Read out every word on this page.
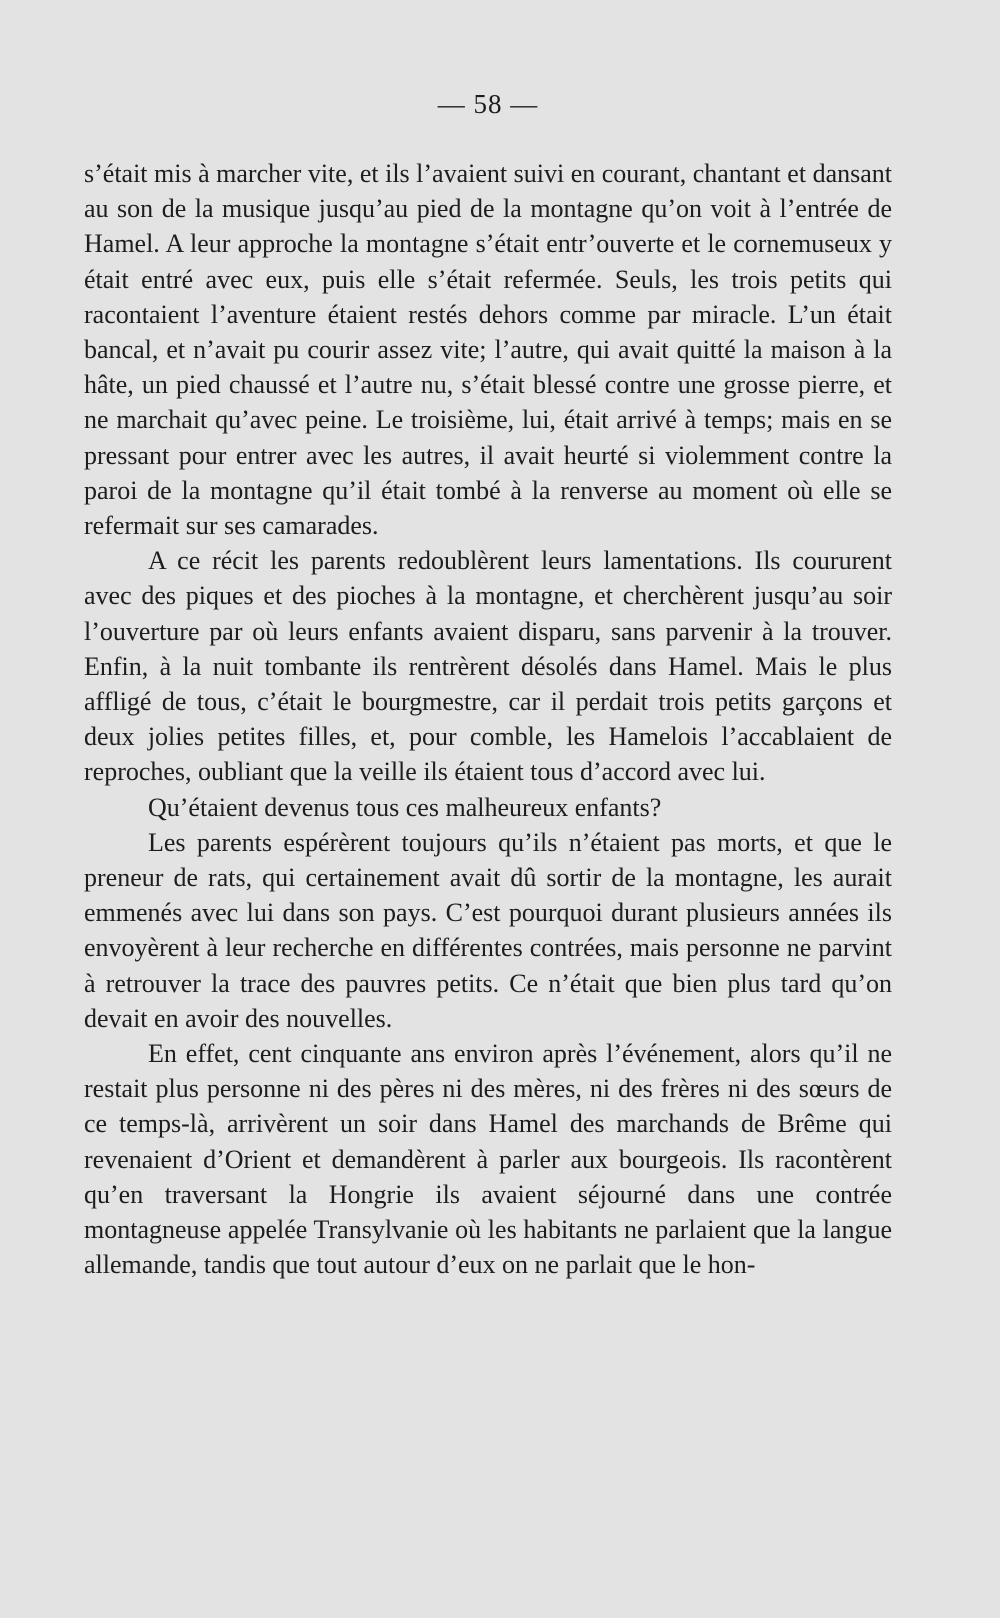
— 58 —

s’était mis à marcher vite, et ils l’avaient suivi en courant, chantant et dansant au son de la musique jusqu’au pied de la montagne qu’on voit à l’entrée de Hamel. A leur approche la montagne s’était entr’ouverte et le cornemuseux y était entré avec eux, puis elle s’était refermée. Seuls, les trois petits qui racontaient l’aventure étaient restés dehors comme par miracle. L’un était bancal, et n’avait pu courir assez vite; l’autre, qui avait quitté la maison à la hâte, un pied chaussé et l’autre nu, s’était blessé contre une grosse pierre, et ne marchait qu’avec peine. Le troisième, lui, était arrivé à temps; mais en se pressant pour entrer avec les autres, il avait heurté si violemment contre la paroi de la montagne qu’il était tombé à la renverse au moment où elle se refermait sur ses camarades.

A ce récit les parents redoublèrent leurs lamentations. Ils coururent avec des piques et des pioches à la montagne, et cherchèrent jusqu’au soir l’ouverture par où leurs enfants avaient disparu, sans parvenir à la trouver. Enfin, à la nuit tombante ils rentrèrent désolés dans Hamel. Mais le plus affligé de tous, c’était le bourgmestre, car il perdait trois petits garçons et deux jolies petites filles, et, pour comble, les Hamelois l’accablaient de reproches, oubliant que la veille ils étaient tous d’accord avec lui.

Qu’étaient devenus tous ces malheureux enfants?

Les parents espérèrent toujours qu’ils n’étaient pas morts, et que le preneur de rats, qui certainement avait dû sortir de la montagne, les aurait emmenés avec lui dans son pays. C’est pourquoi durant plusieurs années ils envoyèrent à leur recherche en différentes contrées, mais personne ne parvint à retrouver la trace des pauvres petits. Ce n’était que bien plus tard qu’on devait en avoir des nouvelles.

En effet, cent cinquante ans environ après l’événement, alors qu’il ne restait plus personne ni des pères ni des mères, ni des frères ni des sœurs de ce temps-là, arrivèrent un soir dans Hamel des marchands de Brême qui revenaient d’Orient et demandèrent à parler aux bourgeois. Ils racontèrent qu’en traversant la Hongrie ils avaient séjourné dans une contrée montagneuse appelée Transylvanie où les habitants ne parlaient que la langue allemande, tandis que tout autour d’eux on ne parlait que le hon-
